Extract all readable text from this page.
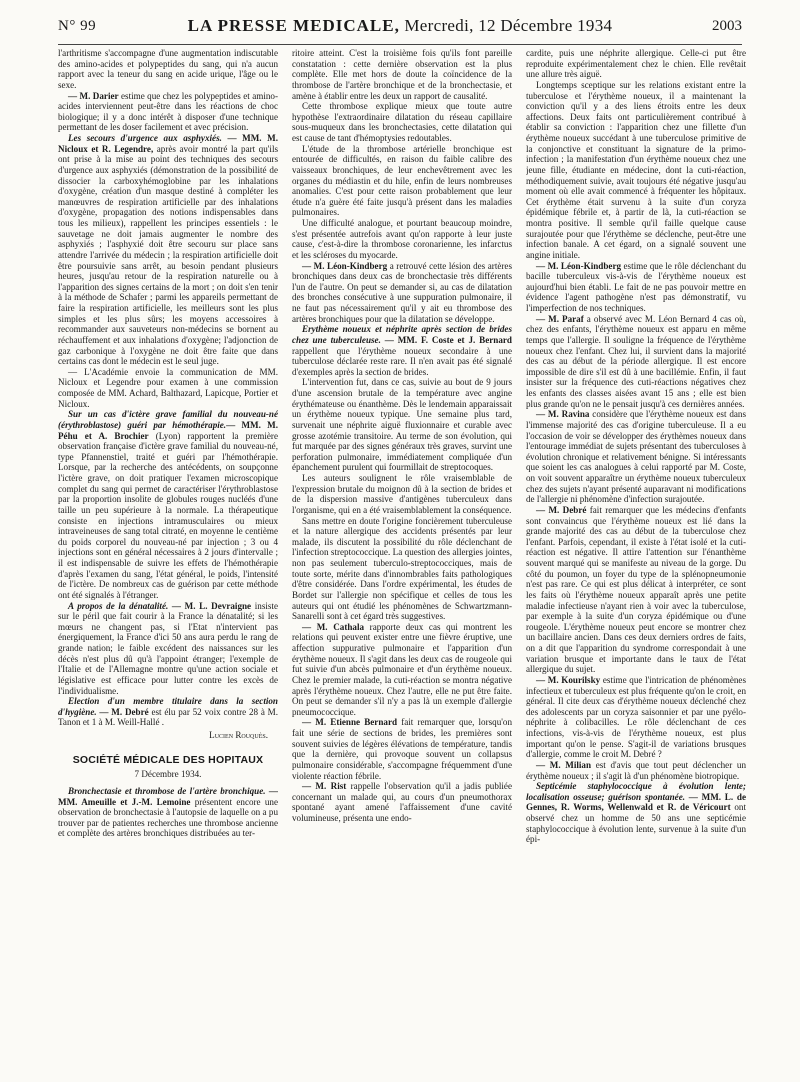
N° 99	LA PRESSE MEDICALE, Mercredi, 12 Décembre 1934	2003

l'arthritisme s'accompagne d'une augmentation indiscutable des amino-acides et polypeptides du sang, qui n'a aucun rapport avec la teneur du sang en acide urique, l'âge ou le sexe.

— M. Darier estime que chez les polypeptides et amino-acides interviennent peut-être dans les réactions de choc biologique; il y a donc intérêt à disposer d'une technique permettant de les doser facilement et avec précision.

Les secours d'urgence aux asphyxiés. — MM. M. Nicloux et R. Legendre, après avoir montré la part qu'ils ont prise à la mise au point des techniques des secours d'urgence aux asphyxiés (démonstration de la possibilité de dissocier la carboxyhémoglobine par les inhalations d'oxygène, création d'un masque destiné à compléter les manœuvres de respiration artificielle par des inhalations d'oxygène, propagation des notions indispensables dans tous les milieux), rappellent les principes essentiels : le sauvetage ne doit jamais augmenter le nombre des asphyxiés ; l'asphyxié doit être secouru sur place sans attendre l'arrivée du médecin ; la respiration artificielle doit être poursuivie sans arrêt, au besoin pendant plusieurs heures, jusqu'au retour de la respiration naturelle ou à l'apparition des signes certains de la mort ; on doit s'en tenir à la méthode de Schafer ; parmi les appareils permettant de faire la respiration artificielle, les meilleurs sont les plus simples et les plus sûrs; les moyens accessoires à recommander aux sauveteurs non-médecins se bornent au réchauffement et aux inhalations d'oxygène; l'adjonction de gaz carbonique à l'oxygène ne doit être faite que dans certains cas dont le médecin est le seul juge.

— L'Académie envoie la communication de MM. Nicloux et Legendre pour examen à une commission composée de MM. Achard, Balthazard, Lapicque, Portier et Nicloux.

Sur un cas d'ictère grave familial du nouveau-né (érythroblastose) guéri par hémothérapie.— MM. M. Péhu et A. Brochier (Lyon) rapportent la première observation française d'ictère grave familial du nouveau-né, type Pfannenstiel, traité et guéri par l'hémothérapie. Lorsque, par la recherche des antécédents, on soupçonne l'ictère grave, on doit pratiquer l'examen microscopique complet du sang qui permet de caractériser l'érythroblastose par la proportion insolite de globules rouges nucléés d'une taille un peu supérieure à la normale. La thérapeutique consiste en injections intramusculaires ou mieux intraveineuses de sang total citraté, en moyenne le centième du poids corporel du nouveau-né par injection ; 3 ou 4 injections sont en général nécessaires à 2 jours d'intervalle ; il est indispensable de suivre les effets de l'hémothérapie d'après l'examen du sang, l'état général, le poids, l'intensité de l'ictère. De nombreux cas de guérison par cette méthode ont été signalés à l'étranger.

A propos de la dénatalité. — M. L. Devraigne insiste sur le péril que fait courir à la France la dénatalité; si les mœurs ne changent pas, si l'Etat n'intervient pas énergiquement, la France d'ici 50 ans aura perdu le rang de grande nation; le faible excédent des naissances sur les décès n'est plus dû qu'à l'appoint étranger; l'exemple de l'Italie et de l'Allemagne montre qu'une action sociale et législative est efficace pour lutter contre les excès de l'individualisme.

Election d'un membre titulaire dans la section d'hygiène. — M. Debré est élu par 52 voix contre 28 à M. Tanon et 1 à M. Weill-Hallé .

Lucien Rouquès.
SOCIÉTÉ MÉDICALE DES HOPITAUX
7 Décembre 1934.

Bronchectasie et thrombose de l'artère bronchique. — MM. Ameuille et J.-M. Lemoine présentent encore une observation de bronchectasie à l'autopsie de laquelle on a pu trouver par de patientes recherches une thrombose ancienne et complète des artères bronchiques distribuées au ter-

ritoire atteint. C'est la troisième fois qu'ils font pareille constatation : cette dernière observation est la plus complète. Elle met hors de doute la coïncidence de la thrombose de l'artère bronchique et de la bronchectasie, et amène à établir entre les deux un rapport de causalité.

Cette thrombose explique mieux que toute autre hypothèse l'extraordinaire dilatation du réseau capillaire sous-muqueux dans les bronchectasies, cette dilatation qui est cause de tant d'hémoptysies redoutables.

L'étude de la thrombose artérielle bronchique est entourée de difficultés, en raison du faible calibre des vaisseaux bronchiques, de leur enchevêtrement avec les organes du médiastin et du hile, enfin de leurs nombreuses anomalies. C'est pour cette raison probablement que leur étude n'a guère été faite jusqu'à présent dans les maladies pulmonaires.

Une difficulté analogue, et pourtant beaucoup moindre, s'est présentée autrefois avant qu'on rapporte à leur juste cause, c'est-à-dire la thrombose coronarienne, les infarctus et les scléroses du myocarde.

— M. Léon-Kindberg a retrouvé cette lésion des artères bronchiques dans deux cas de bronchectasie très différents l'un de l'autre. On peut se demander si, au cas de dilatation des bronches consécutive à une suppuration pulmonaire, il ne faut pas nécessairement qu'il y ait eu thrombose des artères bronchiques pour que la dilatation se développe.

Erythème noueux et néphrite après section de brides chez une tuberculeuse. — MM. F. Coste et J. Bernard rappellent que l'érythème noueux secondaire à une tuberculose déclarée reste rare. Il n'en avait pas été signalé d'exemples après la section de brides.

L'intervention fut, dans ce cas, suivie au bout de 9 jours d'une ascension brutale de la température avec angine érythémateuse ou énanthème. Dès le lendemain apparaissait un érythème noueux typique. Une semaine plus tard, survenait une néphrite aiguë fluxionnaire et curable avec grosse azotémie transitoire. Au terme de son évolution, qui fut marquée par des signes généraux très graves, survint une perforation pulmonaire, immédiatement compliquée d'un épanchement purulent qui fourmillait de streptocoques.

Les auteurs soulignent le rôle vraisemblable de l'expression brutale du moignon dû à la section de brides et de la dispersion massive d'antigènes tuberculeux dans l'organisme, qui en a été vraisemblablement la conséquence.

Sans mettre en doute l'origine foncièrement tuberculeuse et la nature allergique des accidents présentés par leur malade, ils discutent la possibilité du rôle déclenchant de l'infection streptococcique. La question des allergies jointes, non pas seulement tuberculo-streptococciques, mais de toute sorte, mérite dans d'innombrables faits pathologiques d'être considérée. Dans l'ordre expérimental, les études de Bordet sur l'allergie non spécifique et celles de tous les auteurs qui ont étudié les phénomènes de Schwartzmann-Sanarelli sont à cet égard très suggestives.

— M. Cathala rapporte deux cas qui montrent les relations qui peuvent exister entre une fièvre éruptive, une affection suppurative pulmonaire et l'apparition d'un érythème noueux. Il s'agit dans les deux cas de rougeole qui fut suivie d'un abcès pulmonaire et d'un érythème noueux. Chez le premier malade, la cuti-réaction se montra négative après l'érythème noueux. Chez l'autre, elle ne put être faite. On peut se demander s'il n'y a pas là un exemple d'allergie pneumococcique.

— M. Etienne Bernard fait remarquer que, lorsqu'on fait une série de sections de brides, les premières sont souvent suivies de légères élévations de température, tandis que la dernière, qui provoque souvent un collapsus pulmonaire considérable, s'accompagne fréquemment d'une violente réaction fébrile.

— M. Rist rappelle l'observation qu'il a jadis publiée concernant un malade qui, au cours d'un pneumothorax spontané ayant amené l'affaissement d'une cavité volumineuse, présenta une endo-

cardite, puis une néphrite allergique. Celle-ci put être reproduite expérimentalement chez le chien. Elle revêtait une allure très aiguë.

Longtemps sceptique sur les relations existant entre la tuberculose et l'érythème noueux, il a maintenant la conviction qu'il y a des liens étroits entre les deux affections. Deux faits ont particulièrement contribué à établir sa conviction : l'apparition chez une fillette d'un érythème noueux succédant à une tuberculose primitive de la conjonctive et constituant la signature de la primo-infection ; la manifestation d'un érythème noueux chez une jeune fille, étudiante en médecine, dont la cuti-réaction, méthodiquement suivie, avait toujours été négative jusqu'au moment où elle avait commencé à fréquenter les hôpitaux. Cet érythème était survenu à la suite d'un coryza épidémique fébrile et, à partir de là, la cuti-réaction se montra positive. Il semble qu'il faille quelque cause surajoutée pour que l'érythème se déclenche, peut-être une infection banale. A cet égard, on a signalé souvent une angine initiale.

— M. Léon-Kindberg estime que le rôle déclenchant du bacille tuberculeux vis-à-vis de l'érythème noueux est aujourd'hui bien établi. Le fait de ne pas pouvoir mettre en évidence l'agent pathogène n'est pas démonstratif, vu l'imperfection de nos techniques.

— M. Paraf a observé avec M. Léon Bernard 4 cas où, chez des enfants, l'érythème noueux est apparu en même temps que l'allergie. Il souligne la fréquence de l'érythème noueux chez l'enfant. Chez lui, il survient dans la majorité des cas au début de la période allergique. Il est encore impossible de dire s'il est dû à une bacillémie. Enfin, il faut insister sur la fréquence des cuti-réactions négatives chez les enfants des classes aisées avant 15 ans ; elle est bien plus grande qu'on ne le pensait jusqu'à ces dernières années.

— M. Ravina considère que l'érythème noueux est dans l'immense majorité des cas d'origine tuberculeuse. Il a eu l'occasion de voir se développer des érythèmes noueux dans l'entourage immédiat de sujets présentant des tuberculoses à évolution chronique et relativement bénigne. Si intéressants que soient les cas analogues à celui rapporté par M. Coste, on voit souvent apparaître un érythème noueux tuberculeux chez des sujets n'ayant présenté auparavant ni modifications de l'allergie ni phénomène d'infection surajoutée.

— M. Debré fait remarquer que les médecins d'enfants sont convaincus que l'érythème noueux est lié dans la grande majorité des cas au début de la tuberculose chez l'enfant. Parfois, cependant, il existe à l'état isolé et la cuti-réaction est négative. Il attire l'attention sur l'énanthème souvent marqué qui se manifeste au niveau de la gorge. Du côté du poumon, un foyer du type de la splénopneumonie n'est pas rare. Ce qui est plus délicat à interpréter, ce sont les faits où l'érythème noueux apparaît après une petite maladie infectieuse n'ayant rien à voir avec la tuberculose, par exemple à la suite d'un coryza épidémique ou d'une rougeole. L'érythème noueux peut encore se montrer chez un bacillaire ancien. Dans ces deux derniers ordres de faits, on a dit que l'apparition du syndrome correspondait à une variation brusque et importante dans le taux de l'état allergique du sujet.

— M. Kourilsky estime que l'intrication de phénomènes infectieux et tuberculeux est plus fréquente qu'on le croit, en général. Il cite deux cas d'érythème noueux déclenché chez des adolescents par un coryza saisonnier et par une pyélo-néphrite à colibacilles. Le rôle déclenchant de ces infections, vis-à-vis de l'érythème noueux, est plus important qu'on le pense. S'agit-il de variations brusques d'allergie, comme le croit M. Debré ?

— M. Milian est d'avis que tout peut déclencher un érythème noueux ; il s'agit là d'un phénomène biotropique.

Septicémie staphylococcique à évolution lente; localisation osseuse; guérison spontanée. — MM. L. de Gennes, R. Worms, Wellenwald et R. de Véricourt ont observé chez un homme de 50 ans une septicémie staphylococcique à évolution lente, survenue à la suite d'un épi-
